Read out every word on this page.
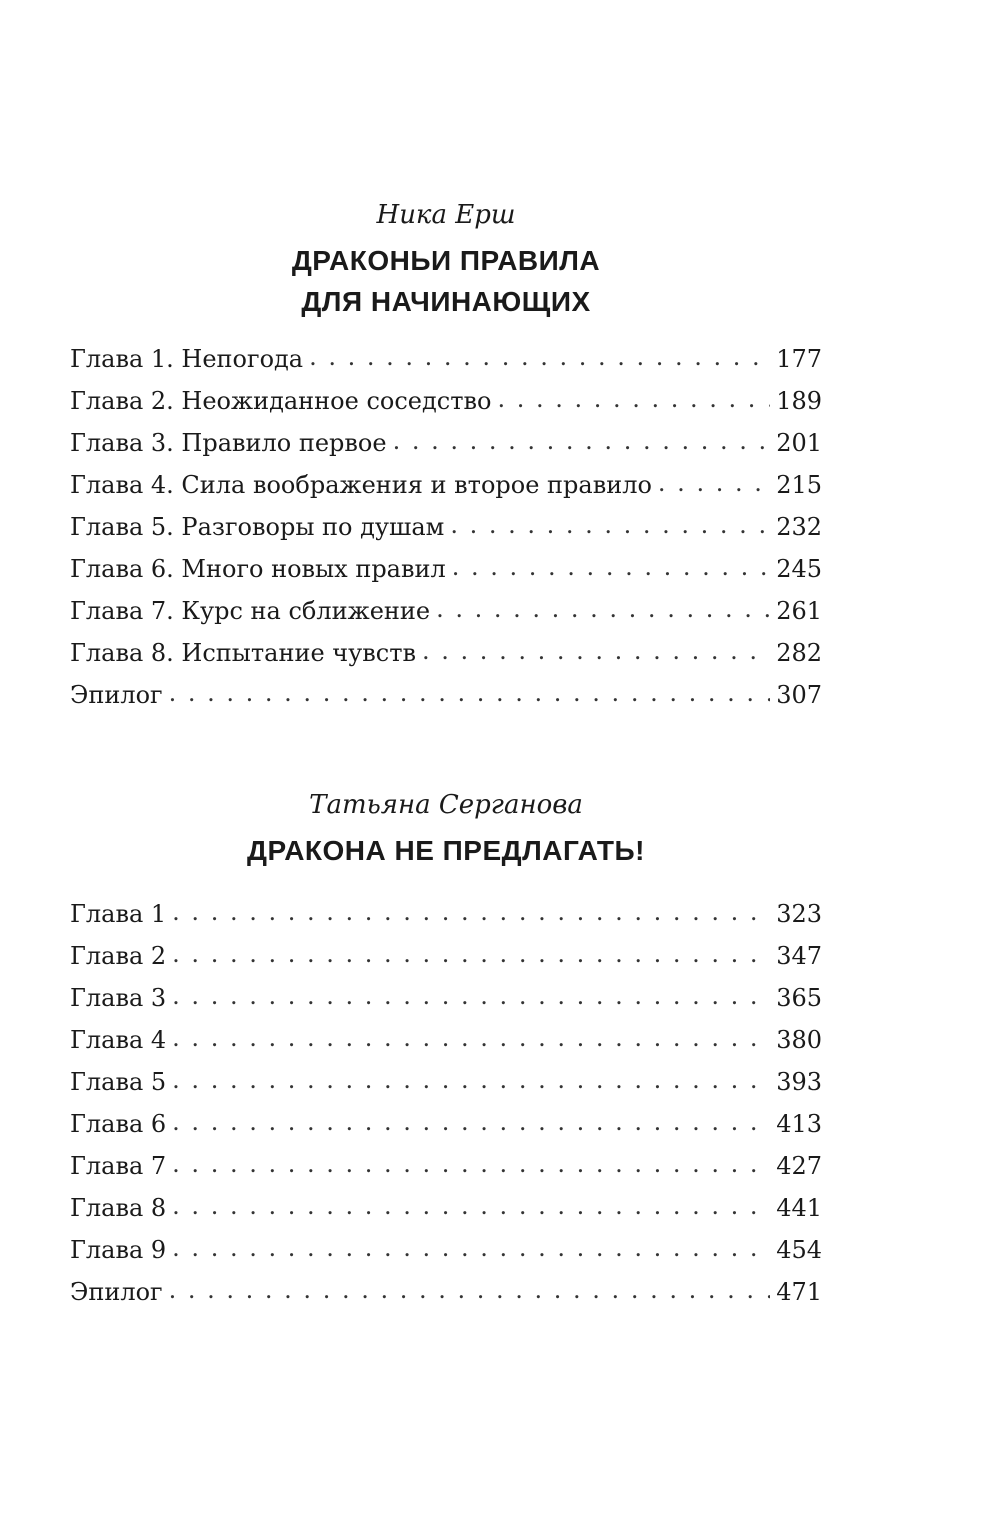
Ника Ерш
ДРАКОНЬИ ПРАВИЛА
ДЛЯ НАЧИНАЮЩИХ
Глава 1. Непогода . . .	177
Глава 2. Неожиданное соседство . . .	189
Глава 3. Правило первое . . .	201
Глава 4. Сила воображения и второе правило . . .	215
Глава 5. Разговоры по душам . . .	232
Глава 6. Много новых правил . . .	245
Глава 7. Курс на сближение . . .	261
Глава 8. Испытание чувств . . .	282
Эпилог . . .	307
Татьяна Серганова
ДРАКОНА НЕ ПРЕДЛАГАТЬ!
Глава 1 . . .	323
Глава 2 . . .	347
Глава 3 . . .	365
Глава 4 . . .	380
Глава 5 . . .	393
Глава 6 . . .	413
Глава 7 . . .	427
Глава 8 . . .	441
Глава 9 . . .	454
Эпилог . . .	471
